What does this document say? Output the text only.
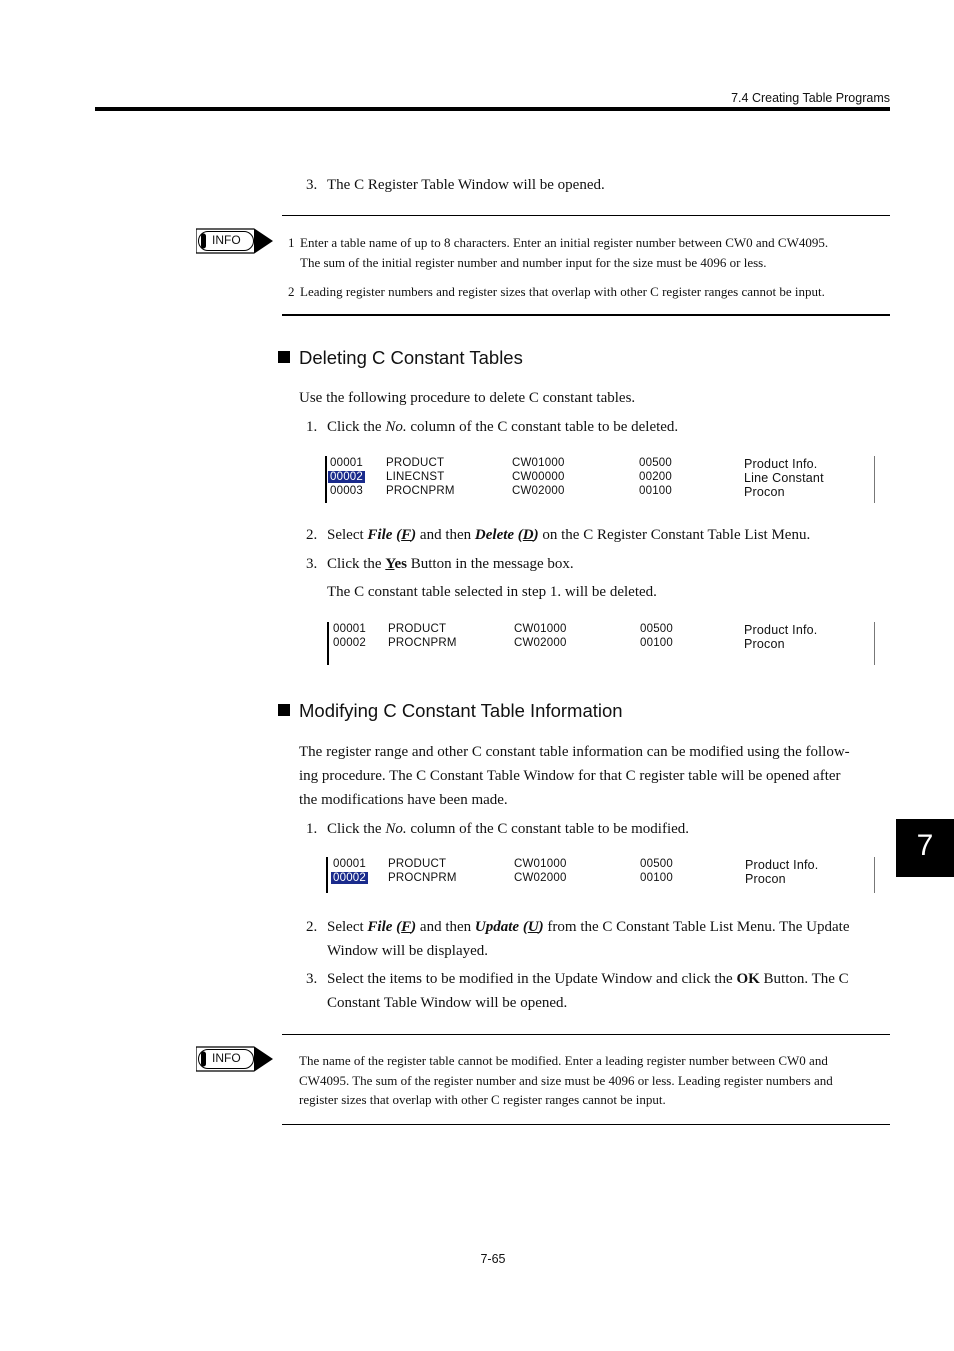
7.4 Creating Table Programs
3. The C Register Table Window will be opened.
INFO	1 Enter a table name of up to 8 characters. Enter an initial register number between CW0 and CW4095.
The sum of the initial register number and number input for the size must be 4096 or less.
2 Leading register numbers and register sizes that overlap with other C register ranges cannot be input.
Deleting C Constant Tables
Use the following procedure to delete C constant tables.
1. Click the No. column of the C constant table to be deleted.
00001 PRODUCT	CW01000	00500	Product Info.
00002 LINECNST	CW00000	00200	Line Constant
00003 PROCNPRM	CW02000	00100	Procon
2. Select File (F) and then Delete (D) on the C Register Constant Table List Menu.
3. Click the Yes Button in the message box.
The C constant table selected in step 1. will be deleted.
00001 PRODUCT	CW01000	00500	Product Info.
00002 PROCNPRM	CW02000	00100	Procon
Modifying C Constant Table Information
The register range and other C constant table information can be modified using the follow-
ing procedure. The C Constant Table Window for that C register table will be opened after
the modifications have been made.
1. Click the No. column of the C constant table to be modified.
00001 PRODUCT	CW01000	00500	Product Info.
00002 PROCNPRM	CW02000	00100	Procon
2. Select File (F) and then Update (U) from the C Constant Table List Menu. The Update
Window will be displayed.
3. Select the items to be modified in the Update Window and click the OK Button. The C
Constant Table Window will be opened.
INFO	The name of the register table cannot be modified. Enter a leading register number between CW0 and
CW4095. The sum of the register number and size must be 4096 or less. Leading register numbers and
register sizes that overlap with other C register ranges cannot be input.
7
7-65
